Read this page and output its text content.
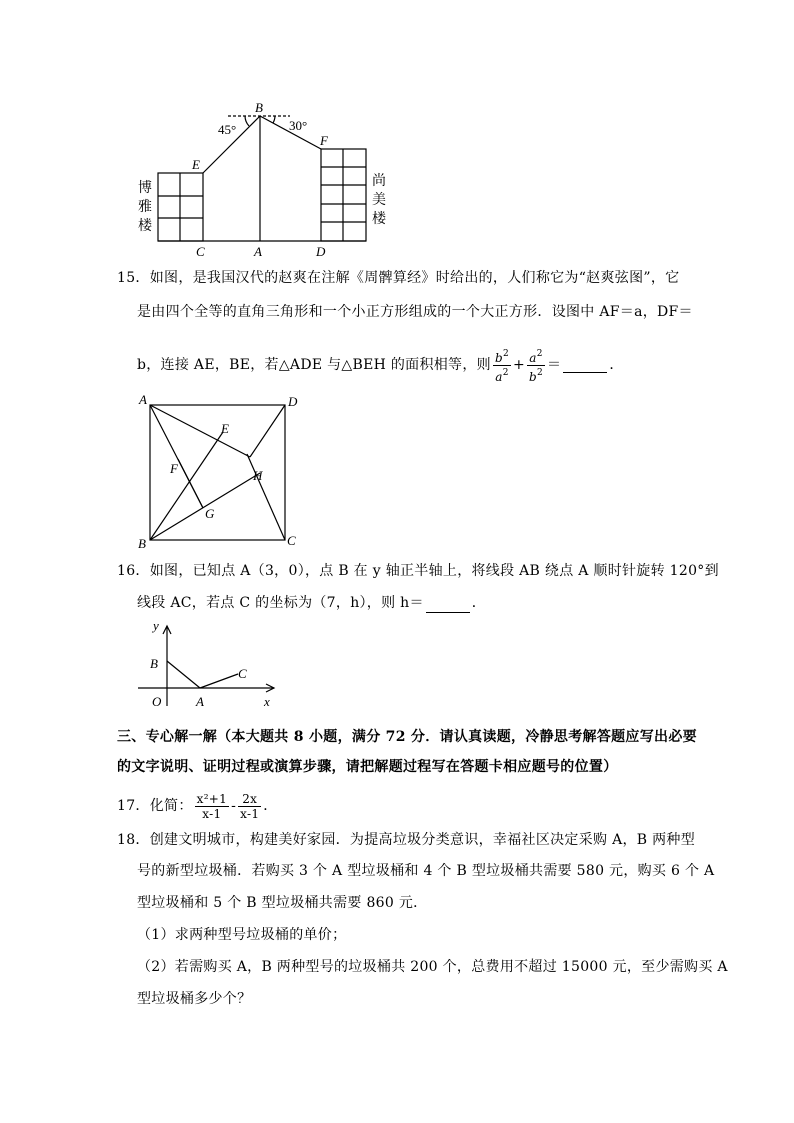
45°	30°
B
E
F
C	A	D
博
雅
楼
尚
美
楼
15．如图，是我国汉代的赵爽在注解《周髀算经》时给出的，人们称它为“赵爽弦图”，它
是由四个全等的直角三角形和一个小正方形组成的一个大正方形．设图中 AF＝a，DF＝
b，连接 AE，BE，若△ADE 与△BEH 的面积相等，则 $\frac{b^2}{a^2} + \frac{a^2}{b^2}$ ＝	．
A	D
E
F	H
G
B	C
16．如图，已知点 A（3，0），点 B 在 y 轴正半轴上，将线段 AB 绕点 A 顺时针旋转 120°到
线段 AC，若点 C 的坐标为（7，h），则 h＝	．
y
x
B
C
O	A
三、专心解一解（本大题共 8 小题，满分 72 分．请认真读题，冷静思考解答题应写出必要
的文字说明、证明过程或演算步骤，请把解题过程写在答题卡相应题号的位置）
17． 化简： $\frac{\text{x²+1}}{x-1} - \frac{2x}{x-1}$ ．
18．创建文明城市，构建美好家园．为提高垃圾分类意识，幸福社区决定采购 A，B 两种型
号的新型垃圾桶．若购买 3 个 A 型垃圾桶和 4 个 B 型垃圾桶共需要 580 元，购买 6 个 A
型垃圾桶和 5 个 B 型垃圾桶共需要 860 元．
（1）求两种型号垃圾桶的单价；
（2）若需购买 A，B 两种型号的垃圾桶共 200 个，总费用不超过 15000 元，至少需购买 A
型垃圾桶多少个？
